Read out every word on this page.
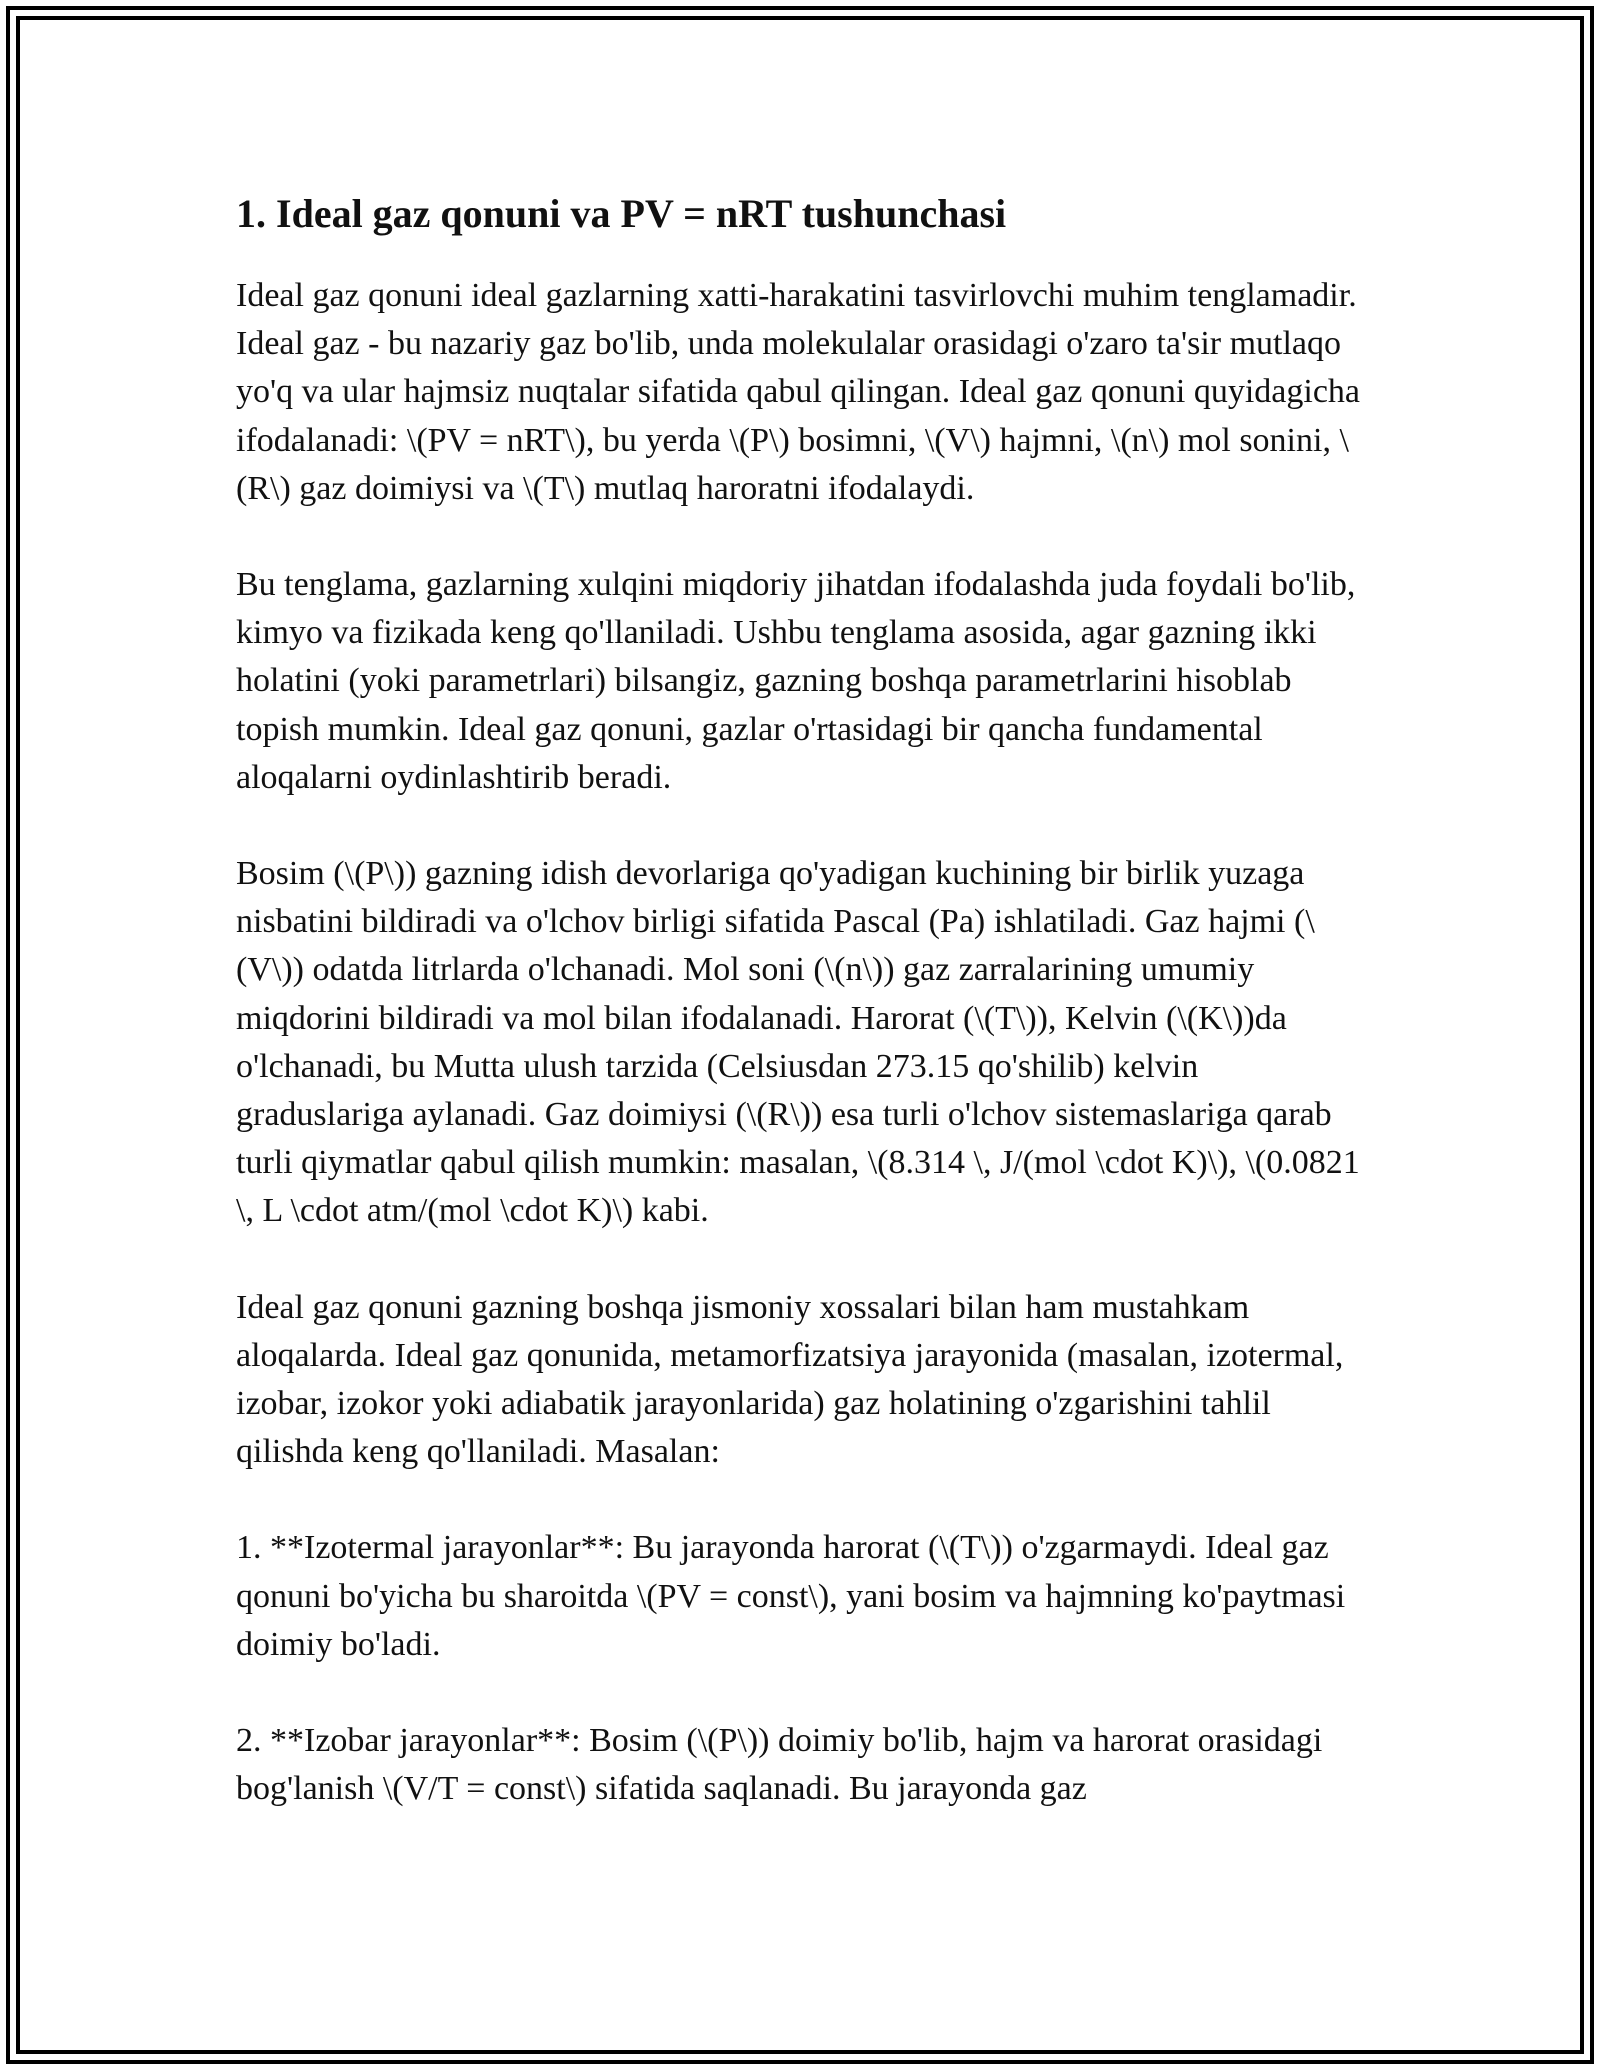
1. Ideal gaz qonuni va PV = nRT tushunchasi

Ideal gaz qonuni ideal gazlarning xatti-harakatini tasvirlovchi muhim tenglamadir. Ideal gaz - bu nazariy gaz bo'lib, unda molekulalar orasidagi o'zaro ta'sir mutlaqo yo'q va ular hajmsiz nuqtalar sifatida qabul qilingan. Ideal gaz qonuni quyidagicha ifodalanadi: \(PV = nRT\), bu yerda \(P\) bosimni, \(V\) hajmni, \(n\) mol sonini, \(R\) gaz doimiysi va \(T\) mutlaq haroratni ifodalaydi.

Bu tenglama, gazlarning xulqini miqdoriy jihatdan ifodalashda juda foydali bo'lib, kimyo va fizikada keng qo'llaniladi. Ushbu tenglama asosida, agar gazning ikki holatini (yoki parametrlari) bilsangiz, gazning boshqa parametrlarini hisoblab topish mumkin. Ideal gaz qonuni, gazlar o'rtasidagi bir qancha fundamental aloqalarni oydinlashtirib beradi.

Bosim (\(P\)) gazning idish devorlariga qo'yadigan kuchining bir birlik yuzaga nisbatini bildiradi va o'lchov birligi sifatida Pascal (Pa) ishlatiladi. Gaz hajmi (\(V\)) odatda litrlarda o'lchanadi. Mol soni (\(n\)) gaz zarralarining umumiy miqdorini bildiradi va mol bilan ifodalanadi. Harorat (\(T\)), Kelvin (\(K\))da o'lchanadi, bu Mutta ulush tarzida (Celsiusdan 273.15 qo'shilib) kelvin graduslariga aylanadi. Gaz doimiysi (\(R\)) esa turli o'lchov sistemaslariga qarab turli qiymatlar qabul qilish mumkin: masalan, \(8.314 \, J/(mol \cdot K)\), \(0.0821 \, L \cdot atm/(mol \cdot K)\) kabi.

Ideal gaz qonuni gazning boshqa jismoniy xossalari bilan ham mustahkam aloqalarda. Ideal gaz qonunida, metamorfizatsiya jarayonida (masalan, izotermal, izobar, izokor yoki adiabatik jarayonlarida) gaz holatining o'zgarishini tahlil qilishda keng qo'llaniladi. Masalan:

1. **Izotermal jarayonlar**: Bu jarayonda harorat (\(T\)) o'zgarmaydi. Ideal gaz qonuni bo'yicha bu sharoitda \(PV = const\), yani bosim va hajmning ko'paytmasi doimiy bo'ladi.

2. **Izobar jarayonlar**: Bosim (\(P\)) doimiy bo'lib, hajm va harorat orasidagi bog'lanish \(V/T = const\) sifatida saqlanadi. Bu jarayonda gaz
